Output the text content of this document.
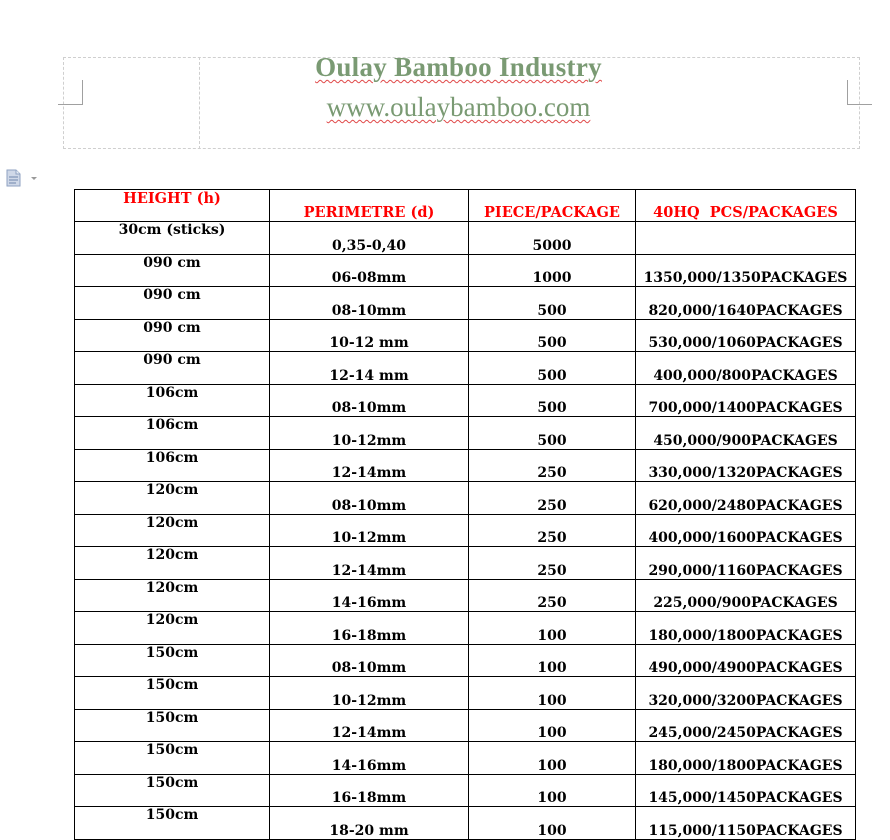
Oulay Bamboo Industry
www.oulaybamboo.com
HEIGHT (h)	PERIMETRE (d)	PIECE/PACKAGE	40HQ  PCS/PACKAGES
30cm (sticks)	0,35-0,40	5000	
090 cm	06-08mm	1000	1350,000/1350PACKAGES
090 cm	08-10mm	500	820,000/1640PACKAGES
090 cm	10-12 mm	500	530,000/1060PACKAGES
090 cm	12-14 mm	500	400,000/800PACKAGES
106cm	08-10mm	500	700,000/1400PACKAGES
106cm	10-12mm	500	450,000/900PACKAGES
106cm	12-14mm	250	330,000/1320PACKAGES
120cm	08-10mm	250	620,000/2480PACKAGES
120cm	10-12mm	250	400,000/1600PACKAGES
120cm	12-14mm	250	290,000/1160PACKAGES
120cm	14-16mm	250	225,000/900PACKAGES
120cm	16-18mm	100	180,000/1800PACKAGES
150cm	08-10mm	100	490,000/4900PACKAGES
150cm	10-12mm	100	320,000/3200PACKAGES
150cm	12-14mm	100	245,000/2450PACKAGES
150cm	14-16mm	100	180,000/1800PACKAGES
150cm	16-18mm	100	145,000/1450PACKAGES
150cm	18-20 mm	100	115,000/1150PACKAGES
